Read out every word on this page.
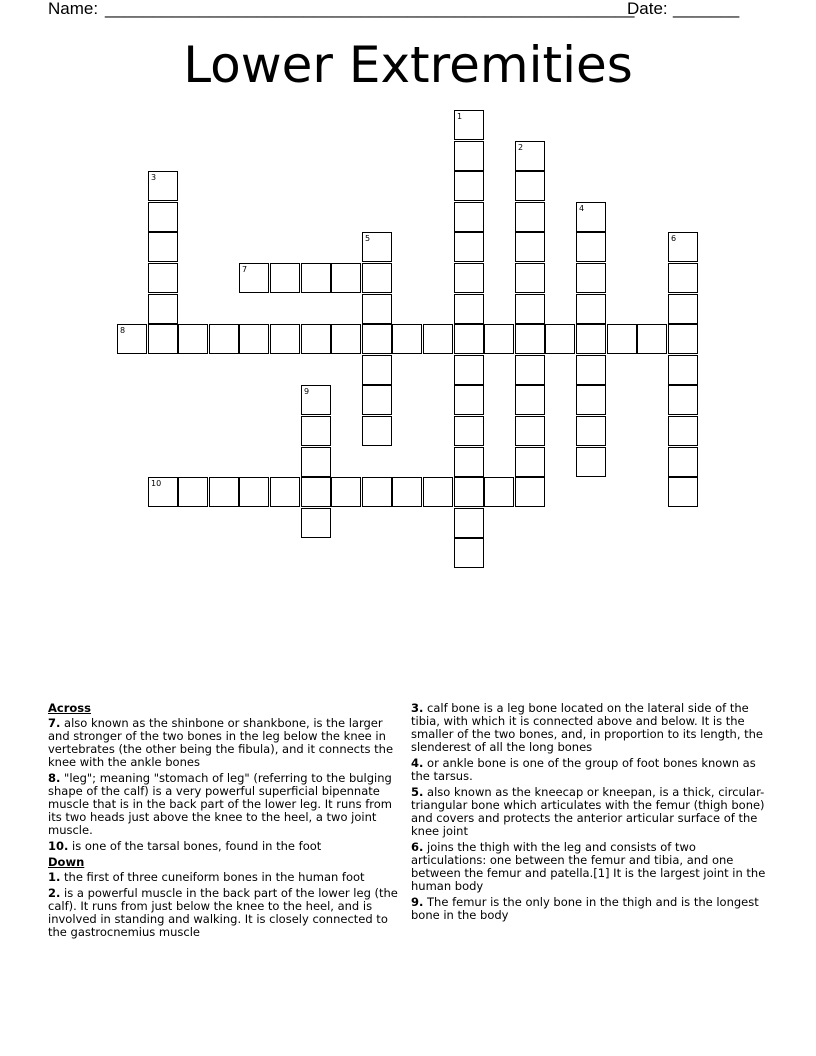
Name: ________________________________________________________
Date: _______
Lower Extremities
1
2
3
4
5	6
7
8
9
10
Across
7. also known as the shinbone or shankbone, is the larger and stronger of the two bones in the leg below the knee in vertebrates (the other being the fibula), and it connects the knee with the ankle bones
8. "leg"; meaning "stomach of leg" (referring to the bulging shape of the calf) is a very powerful superficial bipennate muscle that is in the back part of the lower leg. It runs from its two heads just above the knee to the heel, a two joint muscle.
10. is one of the tarsal bones, found in the foot
Down
1. the first of three cuneiform bones in the human foot
2. is a powerful muscle in the back part of the lower leg (the calf). It runs from just below the knee to the heel, and is involved in standing and walking. It is closely connected to the gastrocnemius muscle
3. calf bone is a leg bone located on the lateral side of the tibia, with which it is connected above and below. It is the smaller of the two bones, and, in proportion to its length, the slenderest of all the long bones
4. or ankle bone is one of the group of foot bones known as the tarsus.
5. also known as the kneecap or kneepan, is a thick, circular-triangular bone which articulates with the femur (thigh bone) and covers and protects the anterior articular surface of the knee joint
6. joins the thigh with the leg and consists of two articulations: one between the femur and tibia, and one between the femur and patella.[1] It is the largest joint in the human body
9. The femur is the only bone in the thigh and is the longest bone in the body
